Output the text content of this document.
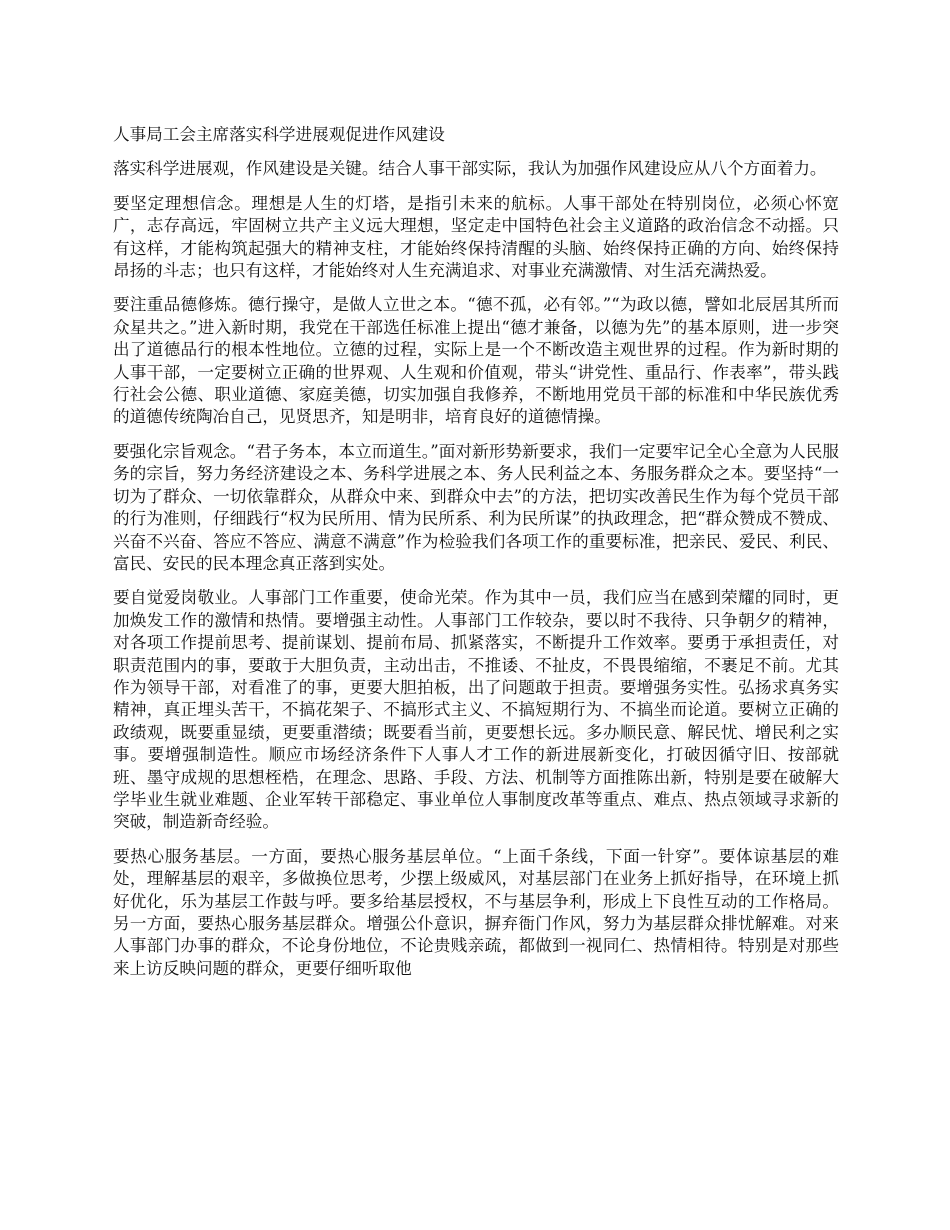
人事局工会主席落实科学进展观促进作风建设

落实科学进展观，作风建设是关键。结合人事干部实际，我认为加强作风建设应从八个方面着力。

要坚定理想信念。理想是人生的灯塔，是指引未来的航标。人事干部处在特别岗位，必须心怀宽广，志存高远，牢固树立共产主义远大理想，坚定走中国特色社会主义道路的政治信念不动摇。只有这样，才能构筑起强大的精神支柱，才能始终保持清醒的头脑、始终保持正确的方向、始终保持昂扬的斗志；也只有这样，才能始终对人生充满追求、对事业充满激情、对生活充满热爱。

要注重品德修炼。德行操守，是做人立世之本。“德不孤，必有邻。”“为政以德，譬如北辰居其所而众星共之。”进入新时期，我党在干部选任标准上提出“德才兼备，以德为先”的基本原则，进一步突出了道德品行的根本性地位。立德的过程，实际上是一个不断改造主观世界的过程。作为新时期的人事干部，一定要树立正确的世界观、人生观和价值观，带头“讲党性、重品行、作表率”，带头践行社会公德、职业道德、家庭美德，切实加强自我修养，不断地用党员干部的标准和中华民族优秀的道德传统陶冶自己，见贤思齐，知是明非，培育良好的道德情操。

要强化宗旨观念。“君子务本，本立而道生。”面对新形势新要求，我们一定要牢记全心全意为人民服务的宗旨，努力务经济建设之本、务科学进展之本、务人民利益之本、务服务群众之本。要坚持“一切为了群众、一切依靠群众，从群众中来、到群众中去”的方法，把切实改善民生作为每个党员干部的行为准则，仔细践行“权为民所用、情为民所系、利为民所谋”的执政理念，把“群众赞成不赞成、兴奋不兴奋、答应不答应、满意不满意”作为检验我们各项工作的重要标准，把亲民、爱民、利民、富民、安民的民本理念真正落到实处。

要自觉爱岗敬业。人事部门工作重要，使命光荣。作为其中一员，我们应当在感到荣耀的同时，更加焕发工作的激情和热情。要增强主动性。人事部门工作较杂，要以时不我待、只争朝夕的精神，对各项工作提前思考、提前谋划、提前布局、抓紧落实，不断提升工作效率。要勇于承担责任，对职责范围内的事，要敢于大胆负责，主动出击，不推诿、不扯皮，不畏畏缩缩，不裹足不前。尤其作为领导干部，对看准了的事，更要大胆拍板，出了问题敢于担责。要增强务实性。弘扬求真务实精神，真正埋头苦干，不搞花架子、不搞形式主义、不搞短期行为、不搞坐而论道。要树立正确的政绩观，既要重显绩，更要重潜绩；既要看当前，更要想长远。多办顺民意、解民忧、增民利之实事。要增强制造性。顺应市场经济条件下人事人才工作的新进展新变化，打破因循守旧、按部就班、墨守成规的思想桎梏，在理念、思路、手段、方法、机制等方面推陈出新，特别是要在破解大学毕业生就业难题、企业军转干部稳定、事业单位人事制度改革等重点、难点、热点领域寻求新的突破，制造新奇经验。

要热心服务基层。一方面，要热心服务基层单位。“上面千条线，下面一针穿”。要体谅基层的难处，理解基层的艰辛，多做换位思考，少摆上级威风，对基层部门在业务上抓好指导，在环境上抓好优化，乐为基层工作鼓与呼。要多给基层授权，不与基层争利，形成上下良性互动的工作格局。另一方面，要热心服务基层群众。增强公仆意识，摒弃衙门作风，努力为基层群众排忧解难。对来人事部门办事的群众，不论身份地位，不论贵贱亲疏，都做到一视同仁、热情相待。特别是对那些来上访反映问题的群众，更要仔细听取他
